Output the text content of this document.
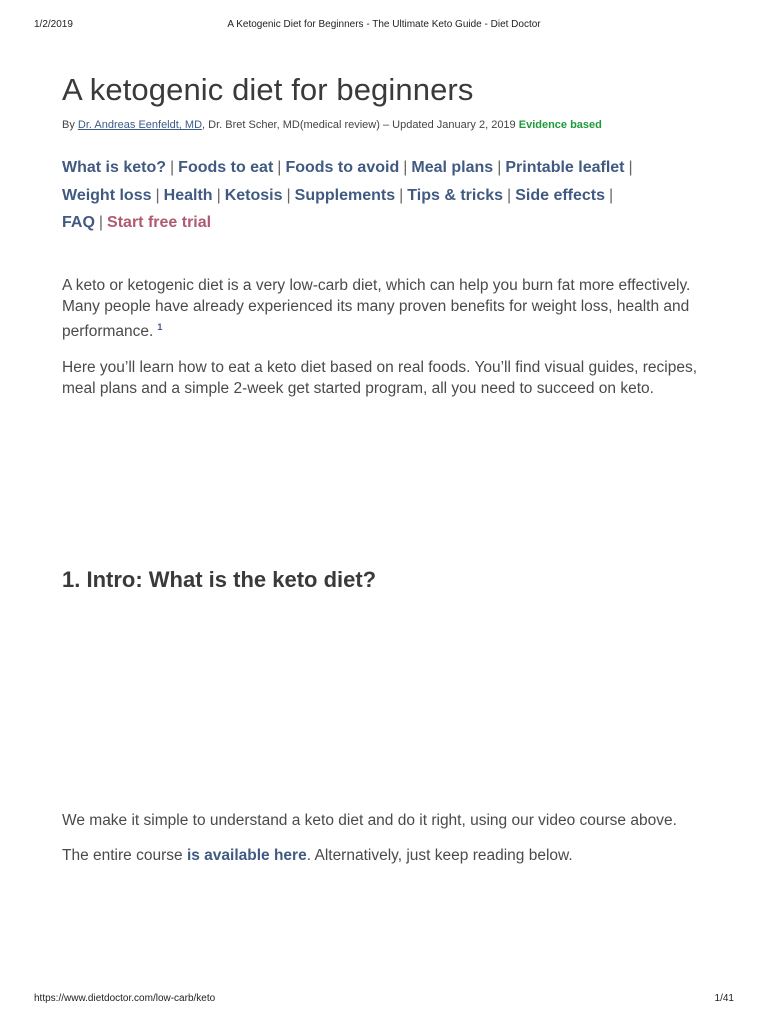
1/2/2019	A Ketogenic Diet for Beginners - The Ultimate Keto Guide - Diet Doctor
A ketogenic diet for beginners
By Dr. Andreas Eenfeldt, MD, Dr. Bret Scher, MD(medical review) – Updated January 2, 2019 Evidence based
What is keto? | Foods to eat | Foods to avoid | Meal plans | Printable leaflet |
Weight loss | Health | Ketosis | Supplements | Tips & tricks | Side effects |
FAQ | Start free trial

A keto or ketogenic diet is a very low-carb diet, which can help you burn fat more effectively. Many people have already experienced its many proven benefits for weight loss, health and performance. $^1$

Here you’ll learn how to eat a keto diet based on real foods. You’ll find visual guides, recipes, meal plans and a simple 2-week get started program, all you need to succeed on keto.

1. Intro: What is the keto diet?

We make it simple to understand a keto diet and do it right, using our video course above.

The entire course is available here. Alternatively, just keep reading below.

https://www.dietdoctor.com/low-carb/keto	1/41
